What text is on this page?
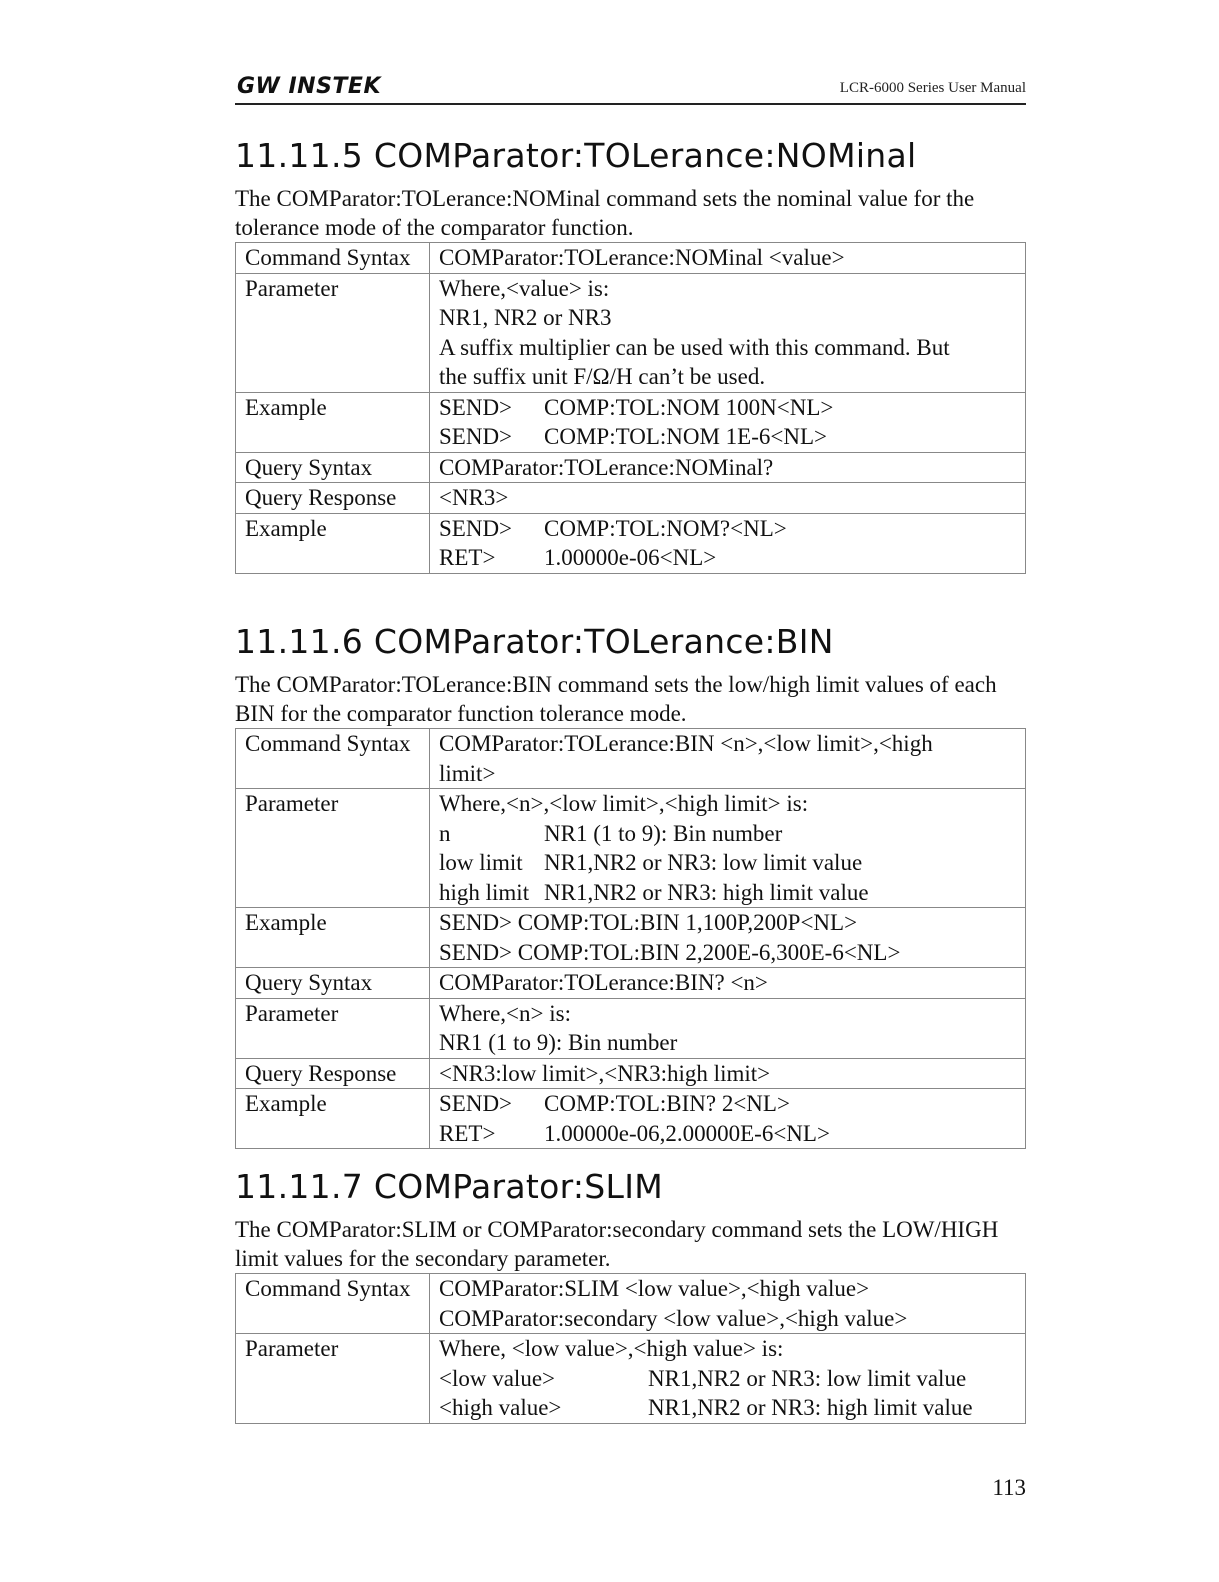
GW INSTEK	LCR-6000 Series User Manual
11.11.5 COMParator:TOLerance:NOMinal

The COMParator:TOLerance:NOMinal command sets the nominal value for the tolerance mode of the comparator function.

Command Syntax	COMParator:TOLerance:NOMinal <value>
Parameter	Where,<value> is:
NR1, NR2 or NR3
A suffix multiplier can be used with this command. But
the suffix unit F/Ω/H can’t be used.

Example	SEND> COMP:TOL:NOM 100N<NL>
SEND> COMP:TOL:NOM 1E-6<NL>

Query Syntax	COMParator:TOLerance:NOMinal?
Query Response	<NR3>
Example	SEND> COMP:TOL:NOM?<NL>
RET> 1.00000e-06<NL>
11.11.6 COMParator:TOLerance:BIN

The COMParator:TOLerance:BIN command sets the low/high limit values of each BIN for the comparator function tolerance mode.

Command Syntax	COMParator:TOLerance:BIN <n>,<low limit>,<high
limit>

Parameter	Where,<n>,<low limit>,<high limit> is:
n NR1 (1 to 9): Bin number
low limit NR1,NR2 or NR3: low limit value
high limit NR1,NR2 or NR3: high limit value

Example	SEND> COMP:TOL:BIN 1,100P,200P<NL>
SEND> COMP:TOL:BIN 2,200E-6,300E-6<NL>

Query Syntax	COMParator:TOLerance:BIN? <n>
Parameter	Where,<n> is:
NR1 (1 to 9): Bin number

Query Response	<NR3:low limit>,<NR3:high limit>
Example	SEND> COMP:TOL:BIN? 2<NL>
RET> 1.00000e-06,2.00000E-6<NL>
11.11.7 COMParator:SLIM

The COMParator:SLIM or COMParator:secondary command sets the LOW/HIGH limit values for the secondary parameter.

Command Syntax	COMParator:SLIM <low value>,<high value>
COMParator:secondary <low value>,<high value>

Parameter	Where, <low value>,<high value> is:
<low value> NR1,NR2 or NR3: low limit value
<high value> NR1,NR2 or NR3: high limit value
113
